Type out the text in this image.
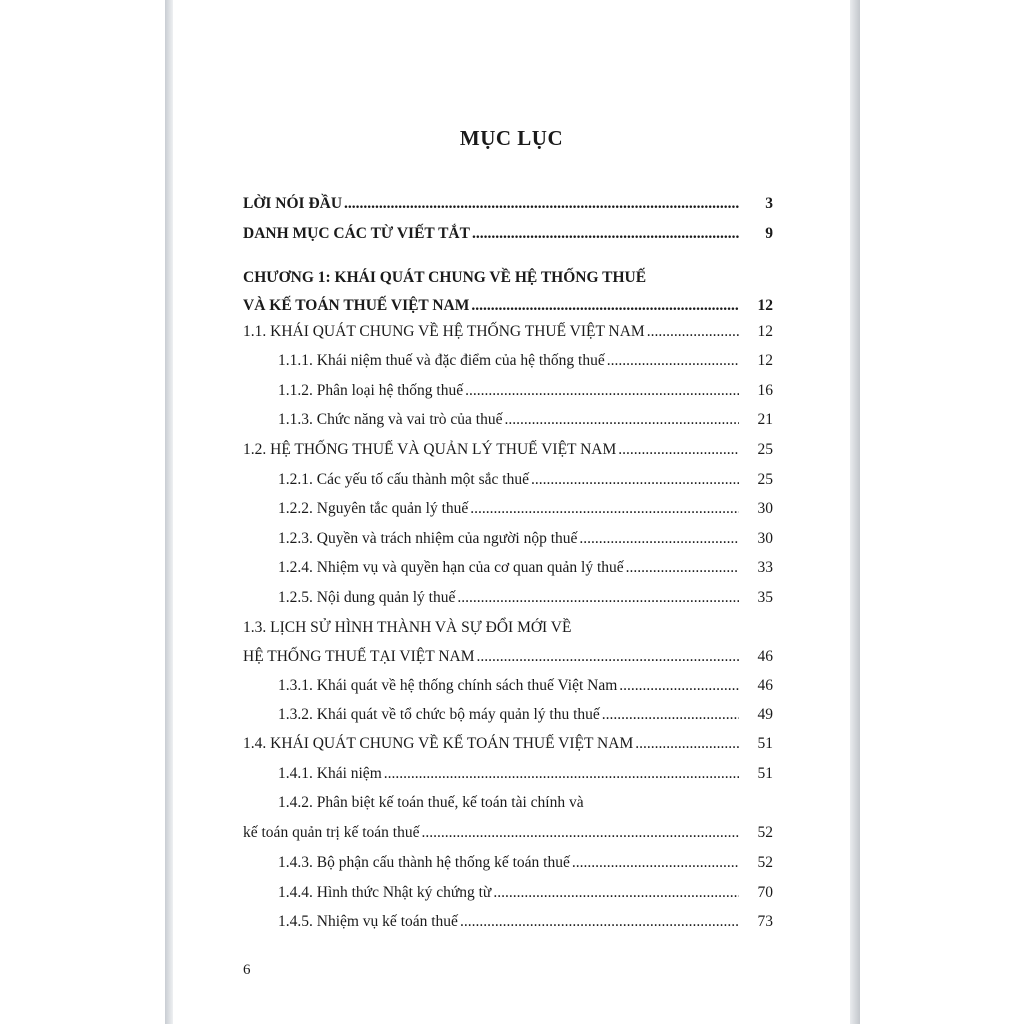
MỤC LỤC
LỜI NÓI ĐẦU .....	3
DANH MỤC CÁC TỪ VIẾT TẮT .....	9
CHƯƠNG 1: KHÁI QUÁT CHUNG VỀ HỆ THỐNG THUẾ
VÀ KẾ TOÁN THUẾ VIỆT NAM .....	12
1.1. KHÁI QUÁT CHUNG VỀ HỆ THỐNG THUẾ VIỆT NAM .....	12
1.1.1. Khái niệm thuế và đặc điểm của hệ thống thuế .....	12
1.1.2. Phân loại hệ thống thuế .....	16
1.1.3. Chức năng và vai trò của thuế .....	21
1.2. HỆ THỐNG THUẾ VÀ QUẢN LÝ THUẾ VIỆT NAM .....	25
1.2.1. Các yếu tố cấu thành một sắc thuế .....	25
1.2.2. Nguyên tắc quản lý thuế .....	30
1.2.3. Quyền và trách nhiệm của người nộp thuế .....	30
1.2.4. Nhiệm vụ và quyền hạn của cơ quan quản lý thuế .....	33
1.2.5. Nội dung quản lý thuế .....	35
1.3. LỊCH SỬ HÌNH THÀNH VÀ SỰ ĐỔI MỚI VỀ
HỆ THỐNG THUẾ TẠI VIỆT NAM .....	46
1.3.1. Khái quát về hệ thống chính sách thuế Việt Nam .....	46
1.3.2. Khái quát về tổ chức bộ máy quản lý thu thuế .....	49
1.4. KHÁI QUÁT CHUNG VỀ KẾ TOÁN THUẾ VIỆT NAM .....	51
1.4.1. Khái niệm .....	51
1.4.2. Phân biệt kế toán thuế, kế toán tài chính và
kế toán quản trị kế toán thuế .....	52
1.4.3. Bộ phận cấu thành hệ thống kế toán thuế .....	52
1.4.4. Hình thức Nhật ký chứng từ .....	70
1.4.5. Nhiệm vụ kế toán thuế .....	73
6
